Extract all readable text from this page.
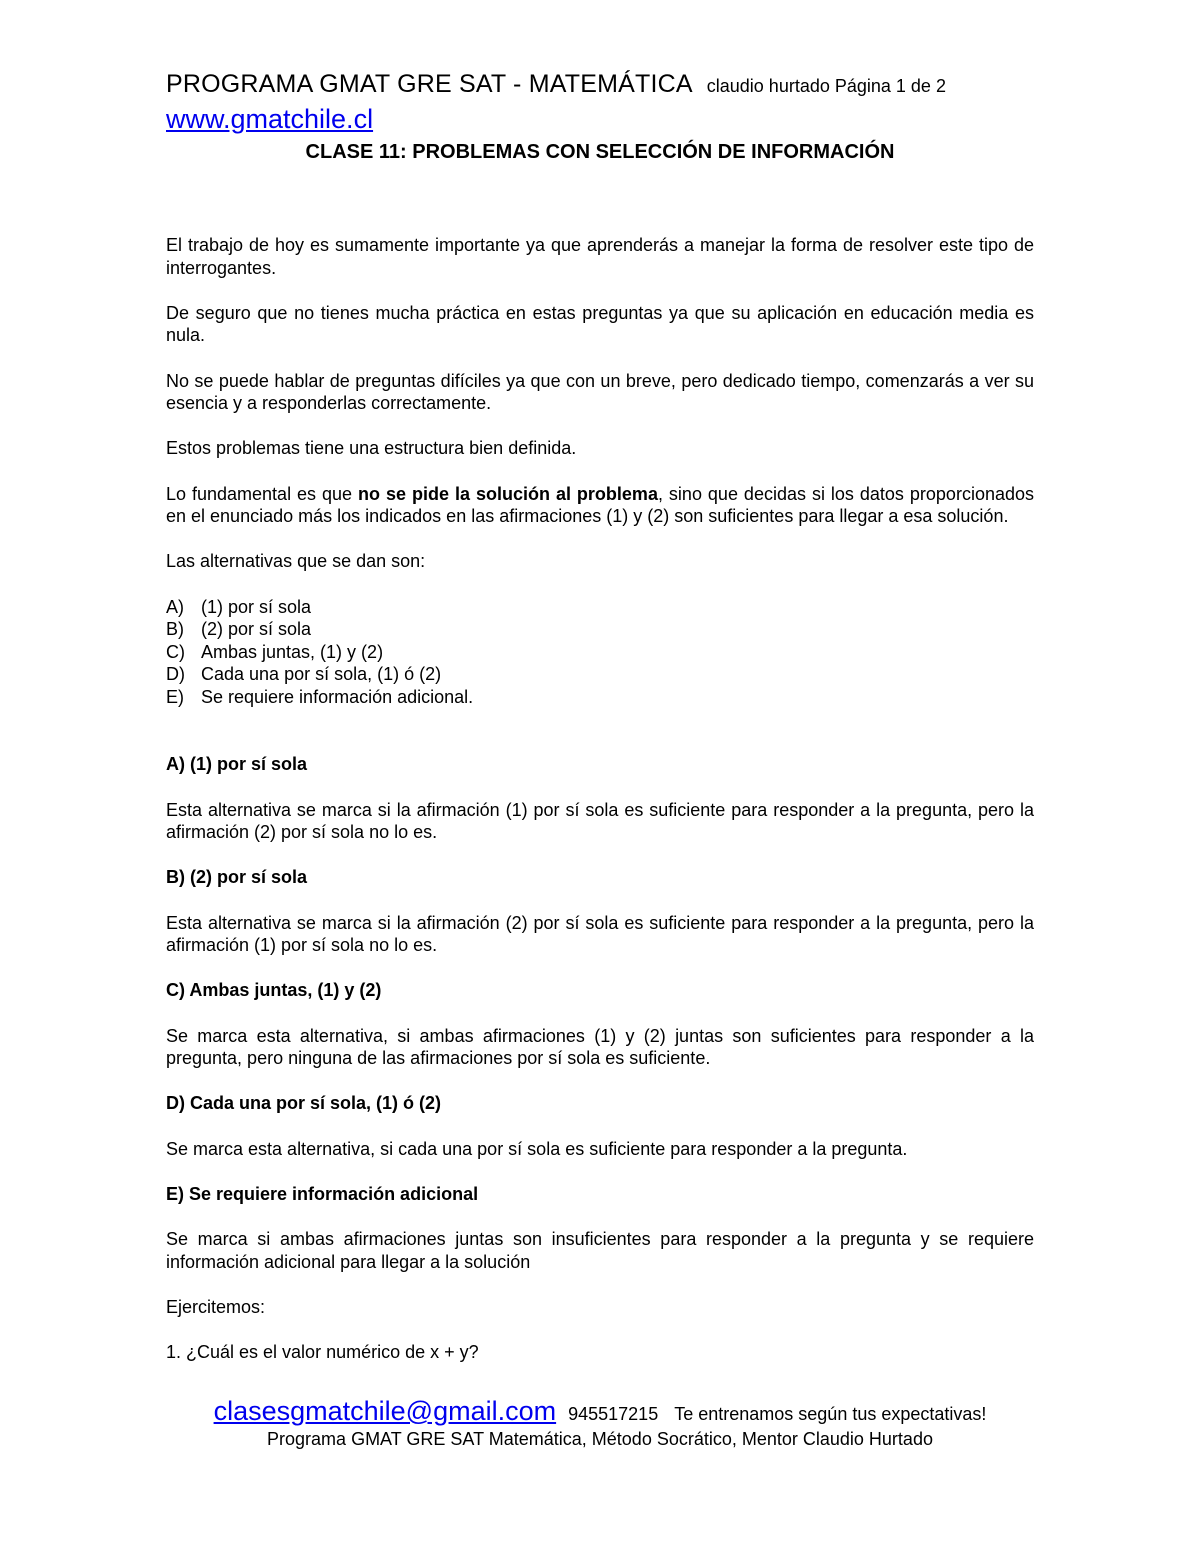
PROGRAMA GMAT GRE SAT - MATEMÁTICA claudio hurtado Página 1 de 2
www.gmatchile.cl
CLASE 11: PROBLEMAS CON SELECCIÓN DE INFORMACIÓN

El trabajo de hoy es sumamente importante ya que aprenderás a manejar la forma de resolver este tipo de interrogantes.

De seguro que no tienes mucha práctica en estas preguntas ya que su aplicación en educación media es nula.

No se puede hablar de preguntas difíciles ya que con un breve, pero dedicado tiempo, comenzarás a ver su esencia y a responderlas correctamente.

Estos problemas tiene una estructura bien definida.

Lo fundamental es que no se pide la solución al problema, sino que decidas si los datos proporcionados en el enunciado más los indicados en las afirmaciones (1) y (2) son suficientes para llegar a esa solución.

Las alternativas que se dan son:

A) (1) por sí sola
B) (2) por sí sola
C) Ambas juntas, (1) y (2)
D) Cada una por sí sola, (1) ó (2)
E) Se requiere información adicional.
A) (1) por sí sola

Esta alternativa se marca si la afirmación (1) por sí sola es suficiente para responder a la pregunta, pero la afirmación (2) por sí sola no lo es.

B) (2) por sí sola

Esta alternativa se marca si la afirmación (2) por sí sola es suficiente para responder a la pregunta, pero la afirmación (1) por sí sola no lo es.

C) Ambas juntas, (1) y (2)

Se marca esta alternativa, si ambas afirmaciones (1) y (2) juntas son suficientes para responder a la pregunta, pero ninguna de las afirmaciones por sí sola es suficiente.

D) Cada una por sí sola, (1) ó (2)

Se marca esta alternativa, si cada una por sí sola es suficiente para responder a la pregunta.

E) Se requiere información adicional

Se marca si ambas afirmaciones juntas son insuficientes para responder a la pregunta y se requiere información adicional para llegar a la solución

Ejercitemos:

1. ¿Cuál es el valor numérico de x + y?

clasesgmatchile@gmail.com 945517215 Te entrenamos según tus expectativas!
Programa GMAT GRE SAT Matemática, Método Socrático, Mentor Claudio Hurtado
